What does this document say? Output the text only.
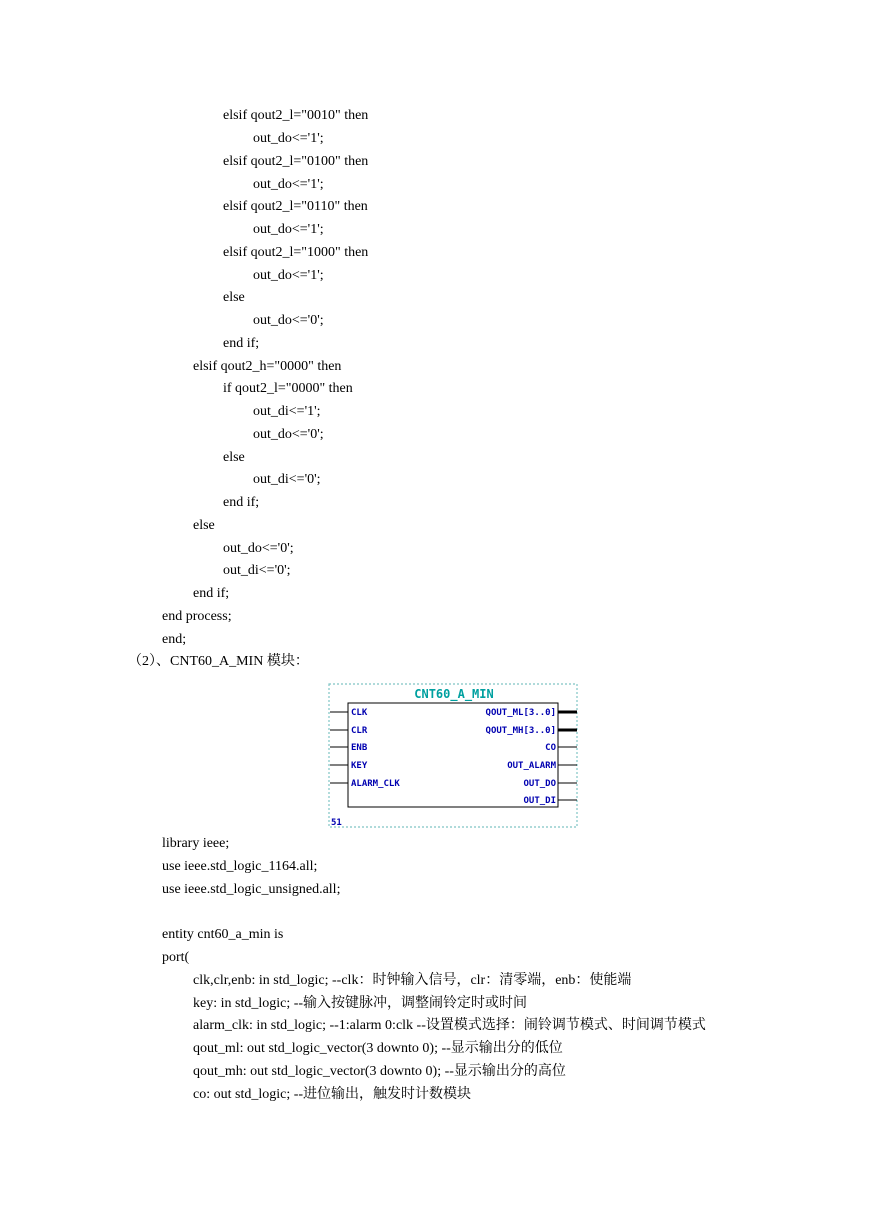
elsif qout2_l="0010" then
out_do<='1';
elsif qout2_l="0100" then
out_do<='1';
elsif qout2_l="0110" then
out_do<='1';
elsif qout2_l="1000" then
out_do<='1';
else
out_do<='0';
end if;
elsif qout2_h="0000" then
if qout2_l="0000" then
out_di<='1';
out_do<='0';
else
out_di<='0';
end if;
else
out_do<='0';
out_di<='0';
end if;
end process;
end;
（2）、CNT60_A_MIN 模块：
CNT60_A_MIN
CLK
CLR
ENB
KEY
ALARM_CLK
QOUT_ML[3..0]
QOUT_MH[3..0]
CO
OUT_ALARM
OUT_DO
OUT_DI
51
library ieee;
use ieee.std_logic_1164.all;
use ieee.std_logic_unsigned.all;
entity cnt60_a_min is
port(
clk,clr,enb: in std_logic; --clk：时钟输入信号，clr：清零端，enb：使能端
key: in std_logic; --输入按键脉冲，调整闹铃定时或时间
alarm_clk: in std_logic; --1:alarm 0:clk --设置模式选择：闹铃调节模式、时间调节模式
qout_ml: out std_logic_vector(3 downto 0); --显示输出分的低位
qout_mh: out std_logic_vector(3 downto 0); --显示输出分的高位
co: out std_logic; --进位输出，触发时计数模块
